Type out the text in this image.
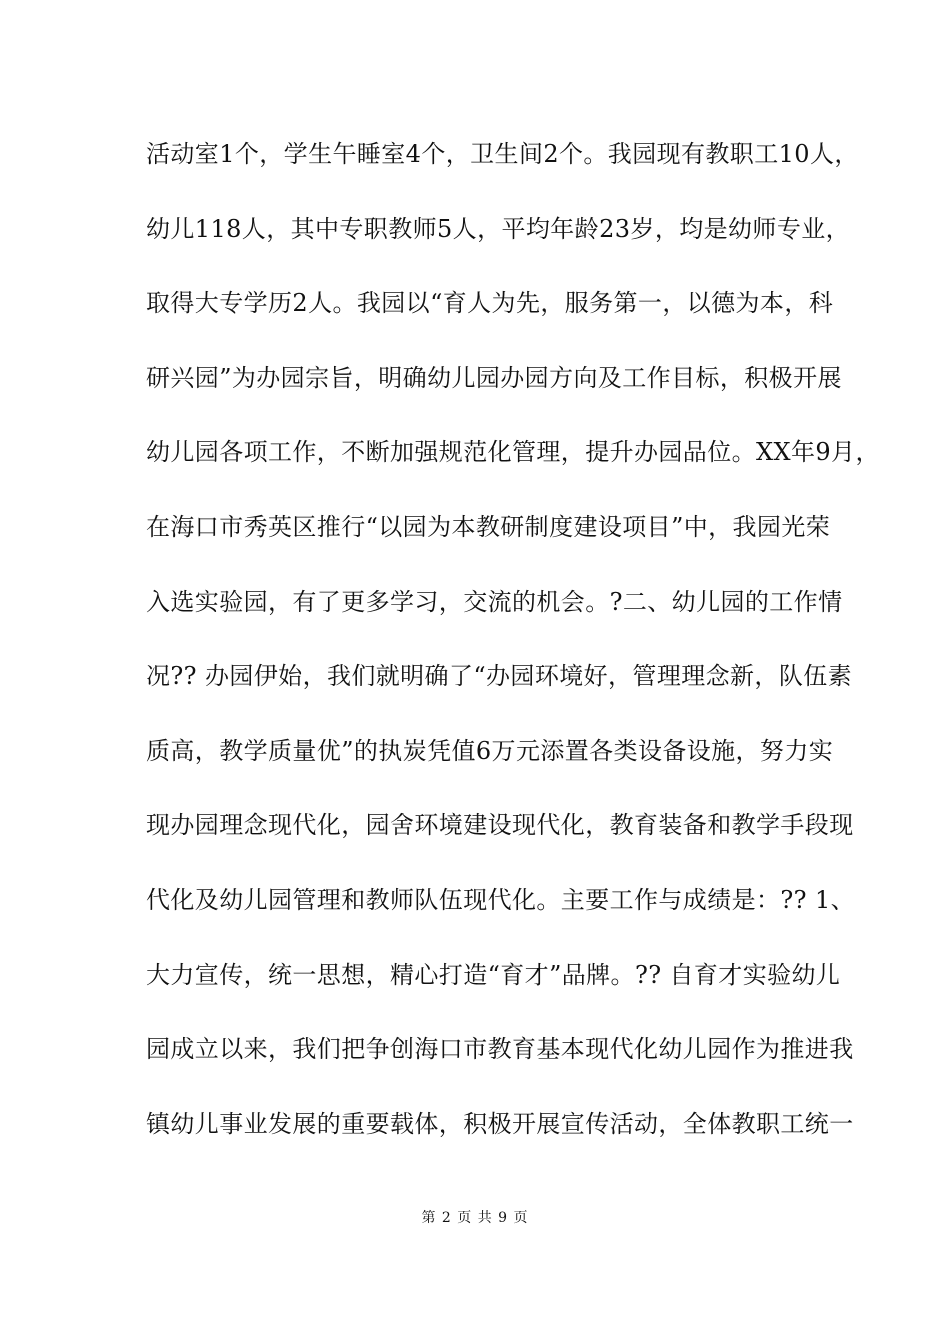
活动室1个，学生午睡室4个，卫生间2个。我园现有教职工10人，
幼儿118人，其中专职教师5人，平均年龄23岁，均是幼师专业，
取得大专学历2人。我园以“育人为先，服务第一，以德为本，科
研兴园”为办园宗旨，明确幼儿园办园方向及工作目标，积极开展
幼儿园各项工作，不断加强规范化管理，提升办园品位。XX年9月，
在海口市秀英区推行“以园为本教研制度建设项目”中，我园光荣
入选实验园，有了更多学习，交流的机会。?二、幼儿园的工作情
况?? 办园伊始，我们就明确了“办园环境好，管理理念新，队伍素
质高，教学质量优”的执炭凭值6万元添置各类设备设施，努力实
现办园理念现代化，园舍环境建设现代化，教育装备和教学手段现
代化及幼儿园管理和教师队伍现代化。主要工作与成绩是：?? 1、
大力宣传，统一思想，精心打造“育才”品牌。?? 自育才实验幼儿
园成立以来，我们把争创海口市教育基本现代化幼儿园作为推进我
镇幼儿事业发展的重要载体，积极开展宣传活动，全体教职工统一
第 2 页 共 9 页
